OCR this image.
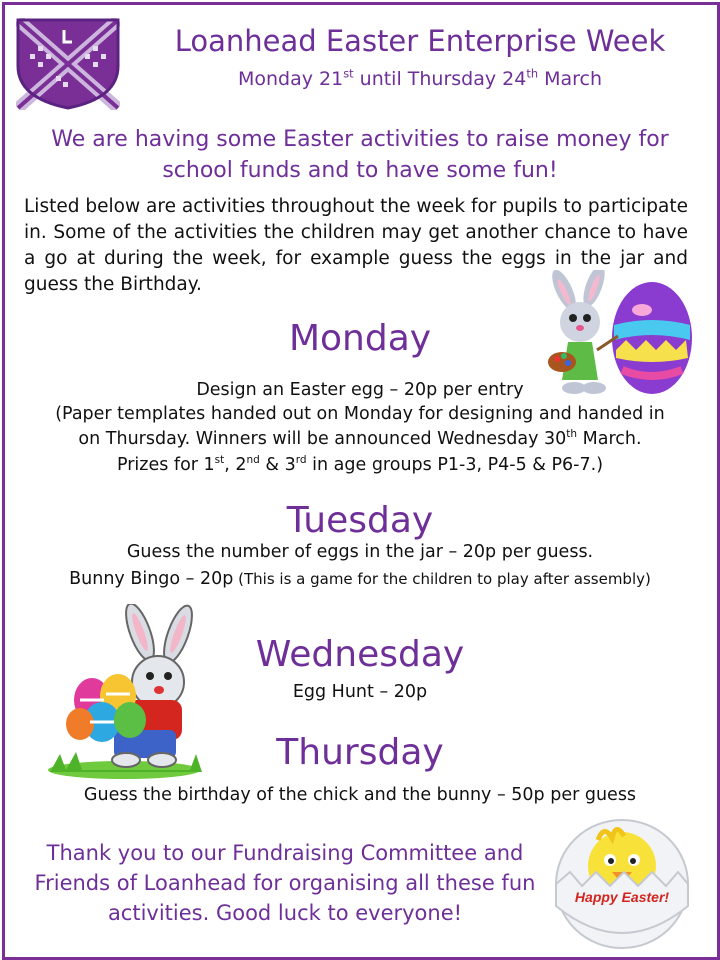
Loanhead Easter Enterprise Week
Monday 21st until Thursday 24th March
We are having some Easter activities to raise money for school funds and to have some fun!
Listed below are activities throughout the week for pupils to participate in. Some of the activities the children may get another chance to have a go at during the week, for example guess the eggs in the jar and guess the Birthday.
Monday
Design an Easter egg – 20p per entry
(Paper templates handed out on Monday for designing and handed in
on Thursday. Winners will be announced Wednesday 30th March.
Prizes for 1st, 2nd & 3rd in age groups P1-3, P4-5 & P6-7.)
Tuesday
Guess the number of eggs in the jar – 20p per guess.
Bunny Bingo – 20p (This is a game for the children to play after assembly)
Wednesday
Egg Hunt – 20p
Thursday
Guess the birthday of the chick and the bunny – 50p per guess
Thank you to our Fundraising Committee and Friends of Loanhead for organising all these fun activities. Good luck to everyone!
Happy Easter!
